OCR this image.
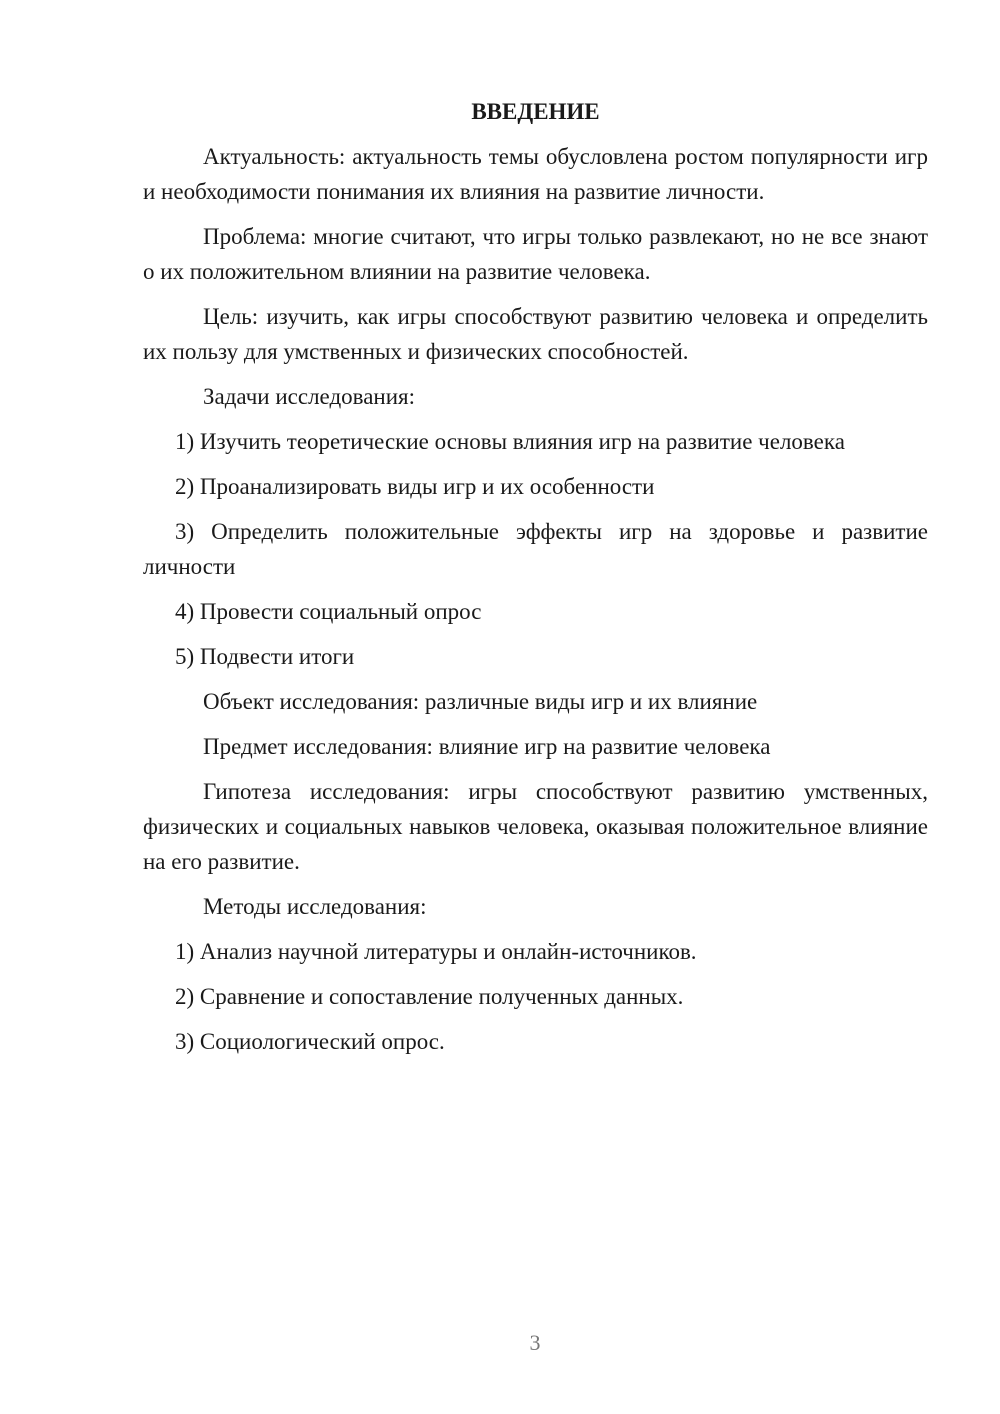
ВВЕДЕНИЕ
Актуальность: актуальность темы обусловлена ростом популярности игр и необходимости понимания их влияния на развитие личности.
Проблема: многие считают, что игры только развлекают, но не все знают о их положительном влиянии на развитие человека.
Цель: изучить, как игры способствуют развитию человека и определить их пользу для умственных и физических способностей.
Задачи исследования:
1) Изучить теоретические основы влияния игр на развитие человека
2) Проанализировать виды игр и их особенности
3) Определить положительные эффекты игр на здоровье и развитие личности
4) Провести социальный опрос
5) Подвести итоги
Объект исследования: различные виды игр и их влияние
Предмет исследования: влияние игр на развитие человека
Гипотеза исследования: игры способствуют развитию умственных, физических и социальных навыков человека, оказывая положительное влияние на его развитие.
Методы исследования:
1) Анализ научной литературы и онлайн-источников.
2) Сравнение и сопоставление полученных данных.
3) Социологический опрос.
3
